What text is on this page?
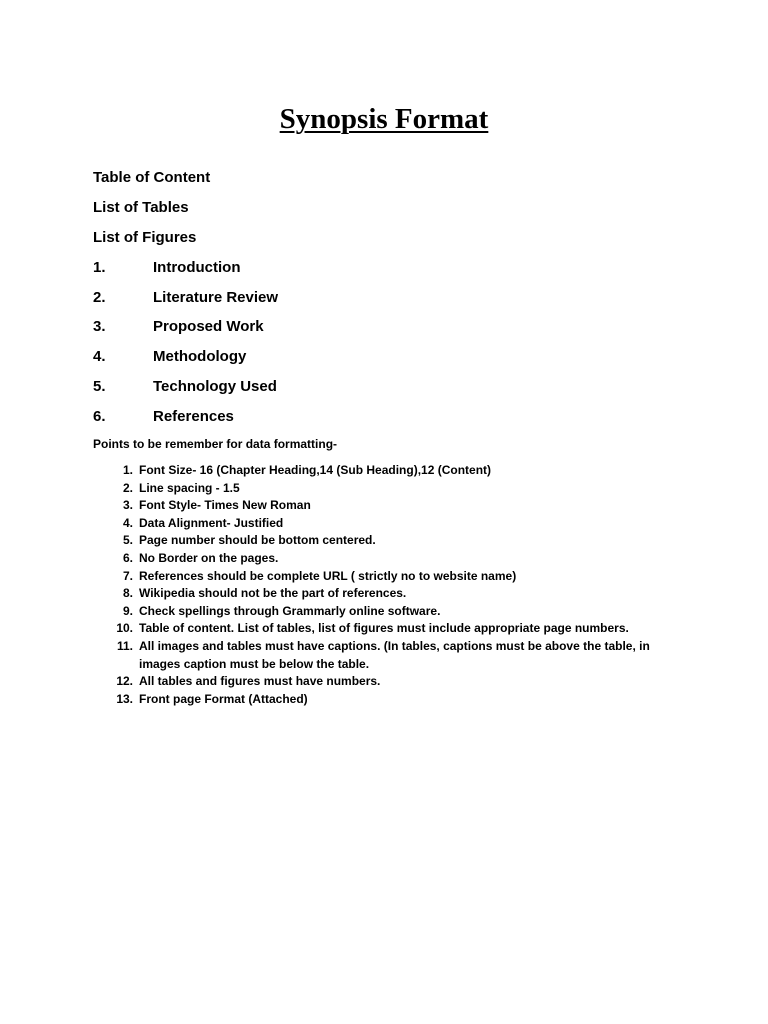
Synopsis Format
Table of Content
List of Tables
List of Figures
1.	Introduction
2.	Literature Review
3.	Proposed Work
4.	Methodology
5.	Technology Used
6.	References
Points to be remember for data formatting-
1. Font Size- 16 (Chapter Heading,14 (Sub Heading),12 (Content)
2. Line spacing - 1.5
3. Font Style- Times New Roman
4. Data Alignment- Justified
5. Page number should be bottom centered.
6. No Border on the pages.
7. References should be complete URL ( strictly no to website name)
8. Wikipedia should not be the part of references.
9. Check spellings through Grammarly online software.
10. Table of content. List of tables, list of figures must include appropriate page numbers.
11. All images and tables must have captions. (In tables, captions must be above the table, in images caption must be below the table.
12. All tables and figures must have numbers.
13. Front page Format (Attached)
